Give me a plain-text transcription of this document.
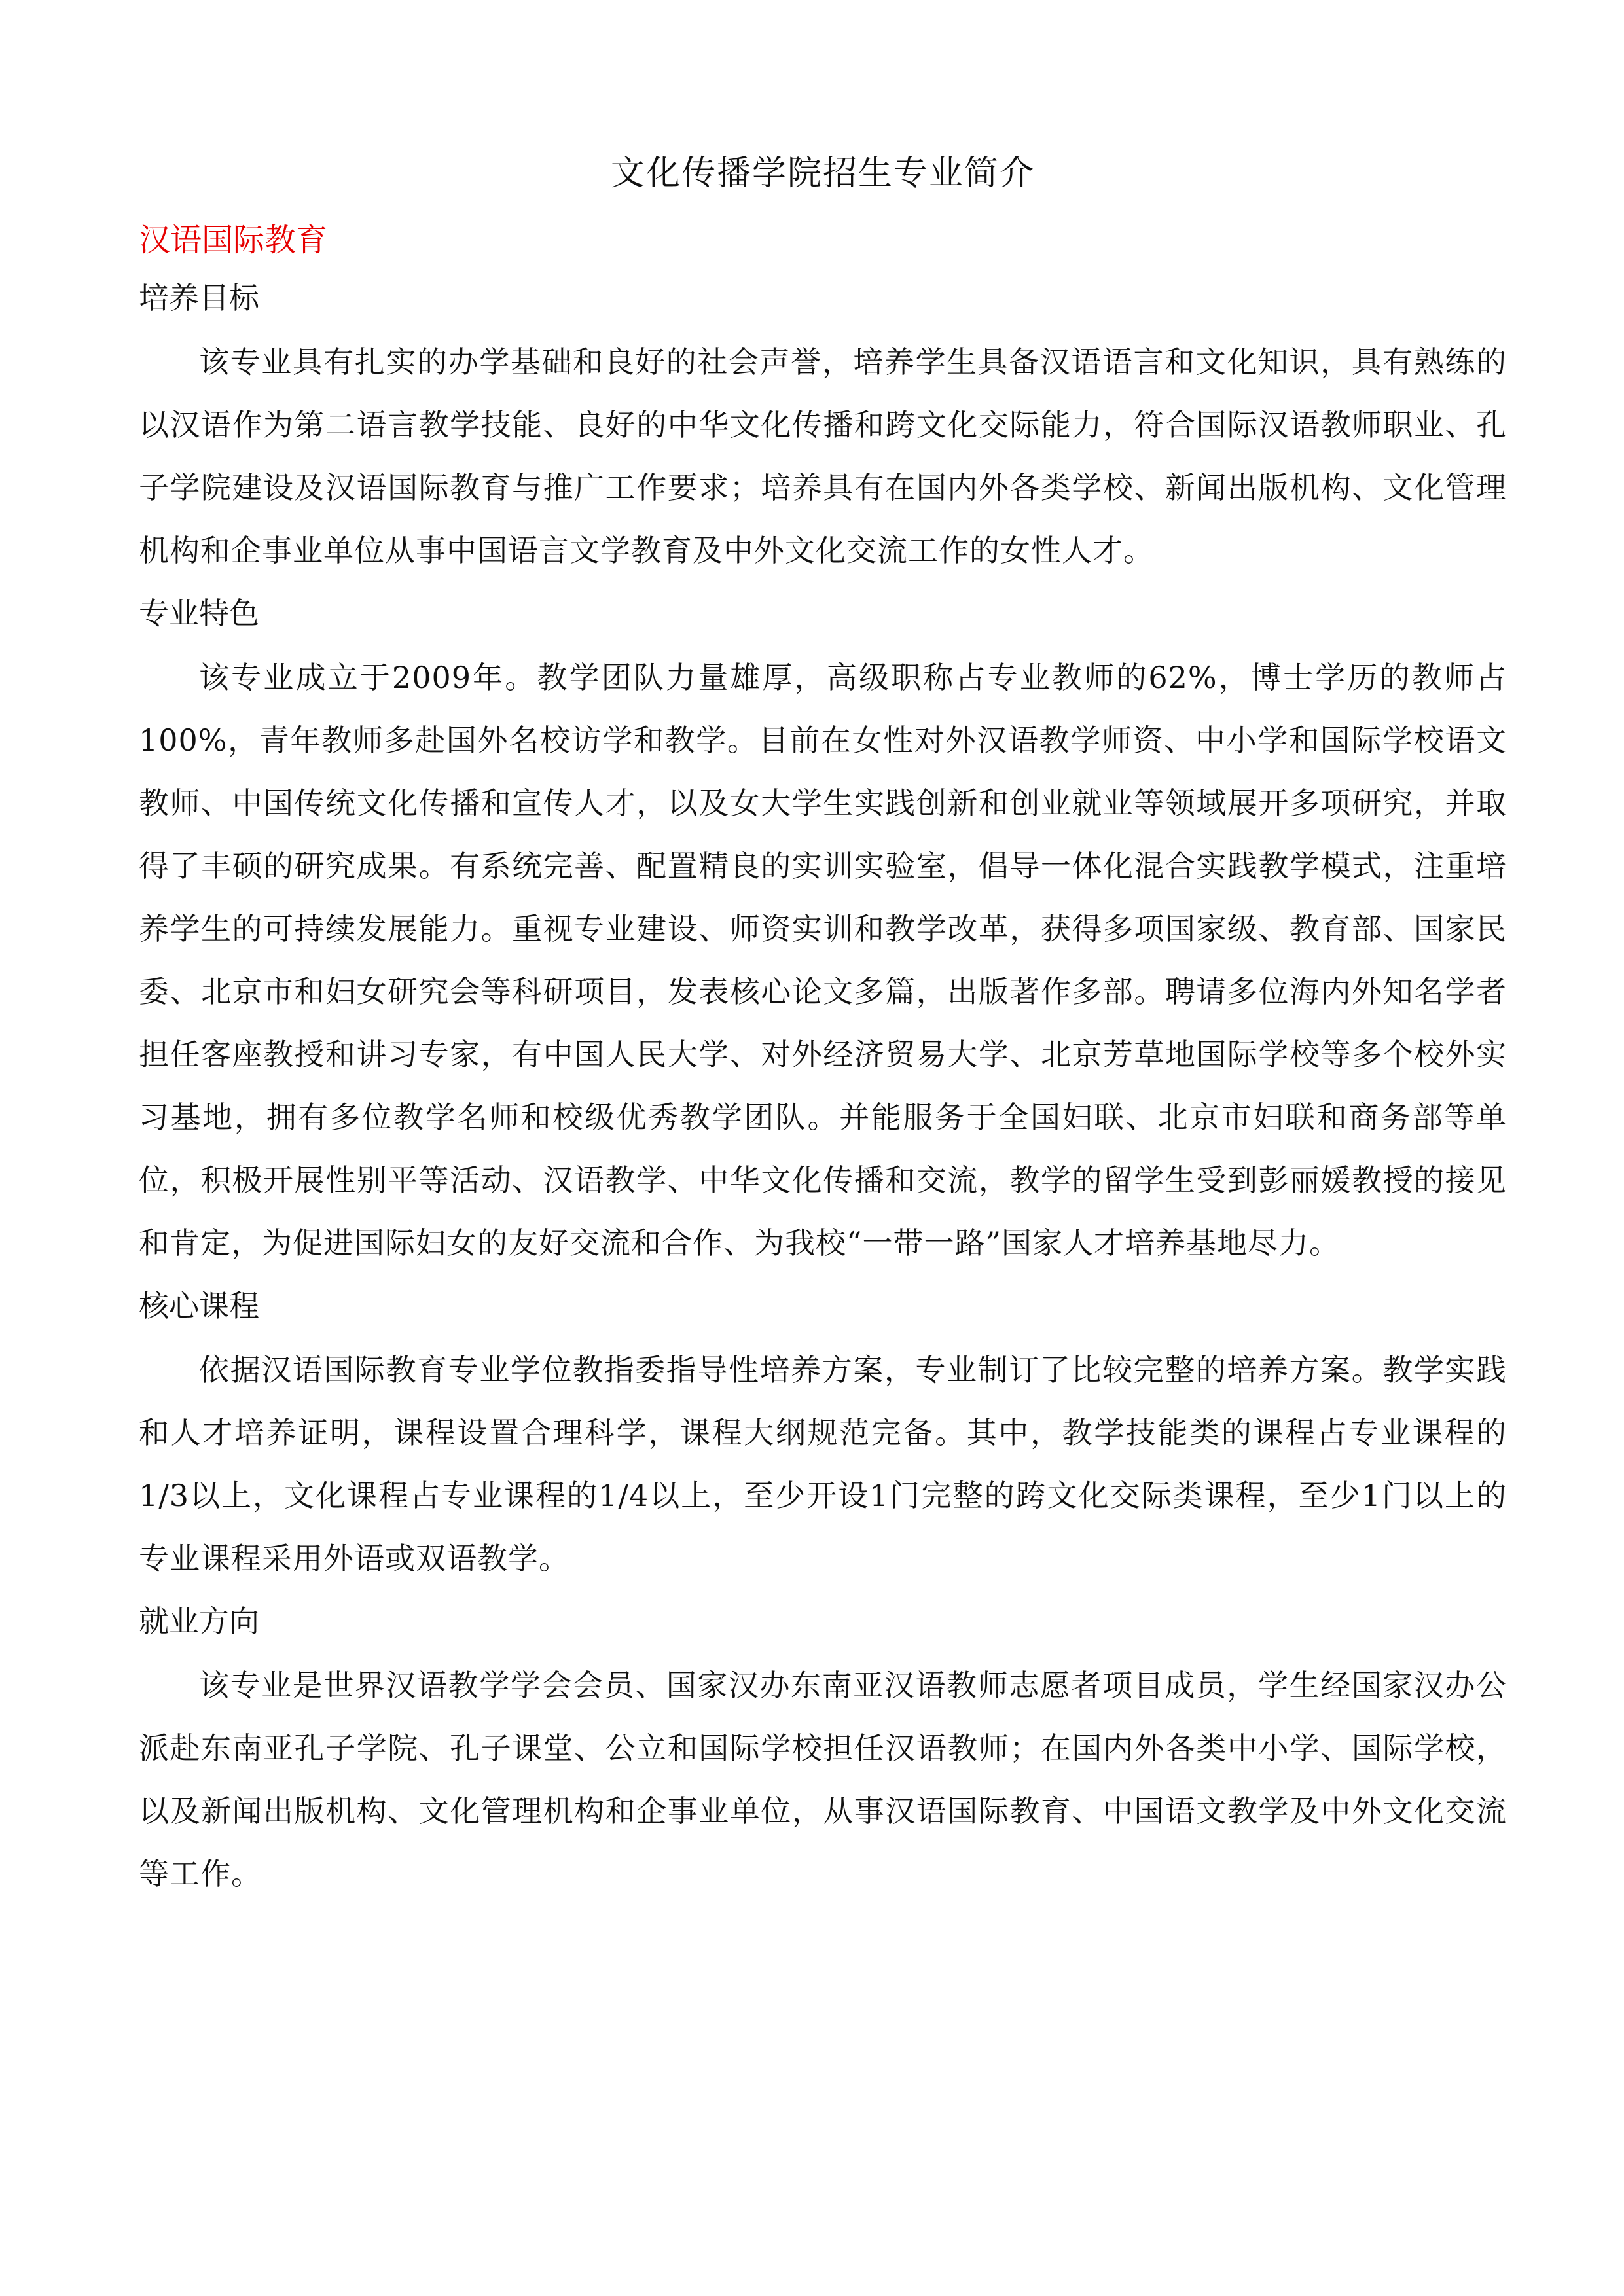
文化传播学院招生专业简介
汉语国际教育
培养目标

该专业具有扎实的办学基础和良好的社会声誉，培养学生具备汉语语言和文化知识，具有熟练的以汉语作为第二语言教学技能、良好的中华文化传播和跨文化交际能力，符合国际汉语教师职业、孔子学院建设及汉语国际教育与推广工作要求；培养具有在国内外各类学校、新闻出版机构、文化管理机构和企事业单位从事中国语言文学教育及中外文化交流工作的女性人才。

专业特色

该专业成立于2009年。教学团队力量雄厚，高级职称占专业教师的62%，博士学历的教师占100%，青年教师多赴国外名校访学和教学。目前在女性对外汉语教学师资、中小学和国际学校语文教师、中国传统文化传播和宣传人才，以及女大学生实践创新和创业就业等领域展开多项研究，并取得了丰硕的研究成果。有系统完善、配置精良的实训实验室，倡导一体化混合实践教学模式，注重培养学生的可持续发展能力。重视专业建设、师资实训和教学改革，获得多项国家级、教育部、国家民委、北京市和妇女研究会等科研项目，发表核心论文多篇，出版著作多部。聘请多位海内外知名学者担任客座教授和讲习专家，有中国人民大学、对外经济贸易大学、北京芳草地国际学校等多个校外实习基地，拥有多位教学名师和校级优秀教学团队。并能服务于全国妇联、北京市妇联和商务部等单位，积极开展性别平等活动、汉语教学、中华文化传播和交流，教学的留学生受到彭丽媛教授的接见和肯定，为促进国际妇女的友好交流和合作、为我校“一带一路”国家人才培养基地尽力。

核心课程

依据汉语国际教育专业学位教指委指导性培养方案，专业制订了比较完整的培养方案。教学实践和人才培养证明，课程设置合理科学，课程大纲规范完备。其中，教学技能类的课程占专业课程的1/3以上，文化课程占专业课程的1/4以上，至少开设1门完整的跨文化交际类课程，至少1门以上的专业课程采用外语或双语教学。

就业方向

该专业是世界汉语教学学会会员、国家汉办东南亚汉语教师志愿者项目成员，学生经国家汉办公派赴东南亚孔子学院、孔子课堂、公立和国际学校担任汉语教师；在国内外各类中小学、国际学校，以及新闻出版机构、文化管理机构和企事业单位，从事汉语国际教育、中国语文教学及中外文化交流等工作。
